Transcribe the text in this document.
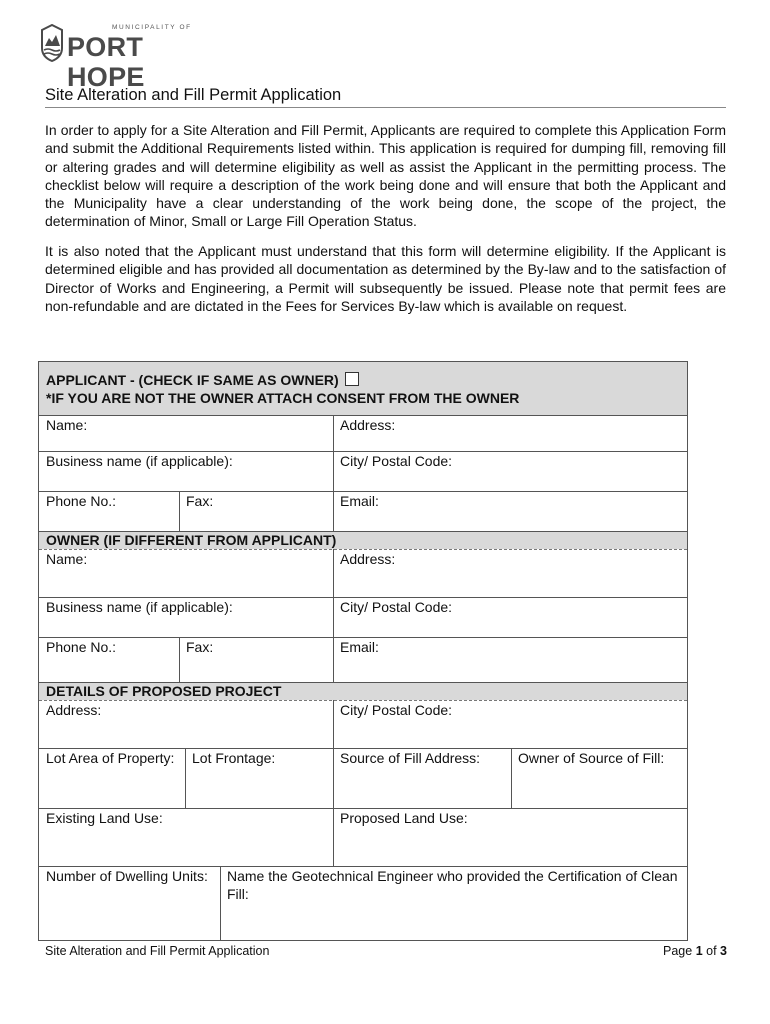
MUNICIPALITY OF
PORT HOPE
Site Alteration and Fill Permit Application
In order to apply for a Site Alteration and Fill Permit, Applicants are required to complete this Application Form and submit the Additional Requirements listed within. This application is required for dumping fill, removing fill or altering grades and will determine eligibility as well as assist the Applicant in the permitting process. The checklist below will require a description of the work being done and will ensure that both the Applicant and the Municipality have a clear understanding of the work being done, the scope of the project, the determination of Minor, Small or Large Fill Operation Status.
It is also noted that the Applicant must understand that this form will determine eligibility. If the Applicant is determined eligible and has provided all documentation as determined by the By-law and to the satisfaction of Director of Works and Engineering, a Permit will subsequently be issued. Please note that permit fees are non-refundable and are dictated in the Fees for Services By-law which is available on request.
APPLICANT - (CHECK IF SAME AS OWNER)
*IF YOU ARE NOT THE OWNER ATTACH CONSENT FROM THE OWNER
Name:	Address:
Business name (if applicable):	City/ Postal Code:
Phone No.:	Fax:	Email:
OWNER (IF DIFFERENT FROM APPLICANT)
Name:	Address:
Business name (if applicable):	City/ Postal Code:
Phone No.:	Fax:	Email:
DETAILS OF PROPOSED PROJECT
Address:	City/ Postal Code:
Lot Area of Property:	Lot Frontage:	Source of Fill Address:	Owner of Source of Fill:
Existing Land Use:	Proposed Land Use:
Number of Dwelling Units:	Name the Geotechnical Engineer who provided the Certification of Clean Fill:
Site Alteration and Fill Permit Application	Page 1 of 3
